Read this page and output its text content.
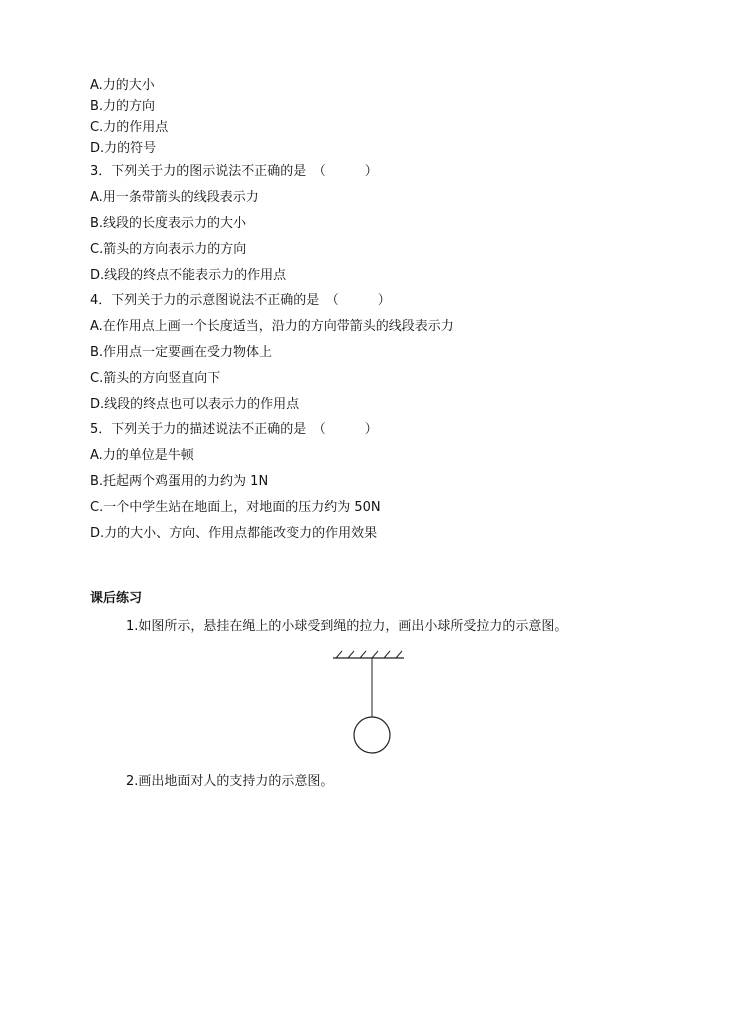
A.力的大小
B.力的方向
C.力的作用点
D.力的符号
3．下列关于力的图示说法不正确的是　（　　　）
A.用一条带箭头的线段表示力
B.线段的长度表示力的大小
C.箭头的方向表示力的方向
D.线段的终点不能表示力的作用点
4．下列关于力的示意图说法不正确的是　（　　　）
A.在作用点上画一个长度适当，沿力的方向带箭头的线段表示力
B.作用点一定要画在受力物体上
C.箭头的方向竖直向下
D.线段的终点也可以表示力的作用点
5．下列关于力的描述说法不正确的是　（　　　）
A.力的单位是牛顿
B.托起两个鸡蛋用的力约为 1N
C.一个中学生站在地面上，对地面的压力约为 50N
D.力的大小、方向、作用点都能改变力的作用效果
课后练习
1.如图所示，悬挂在绳上的小球受到绳的拉力，画出小球所受拉力的示意图。
2.画出地面对人的支持力的示意图。
